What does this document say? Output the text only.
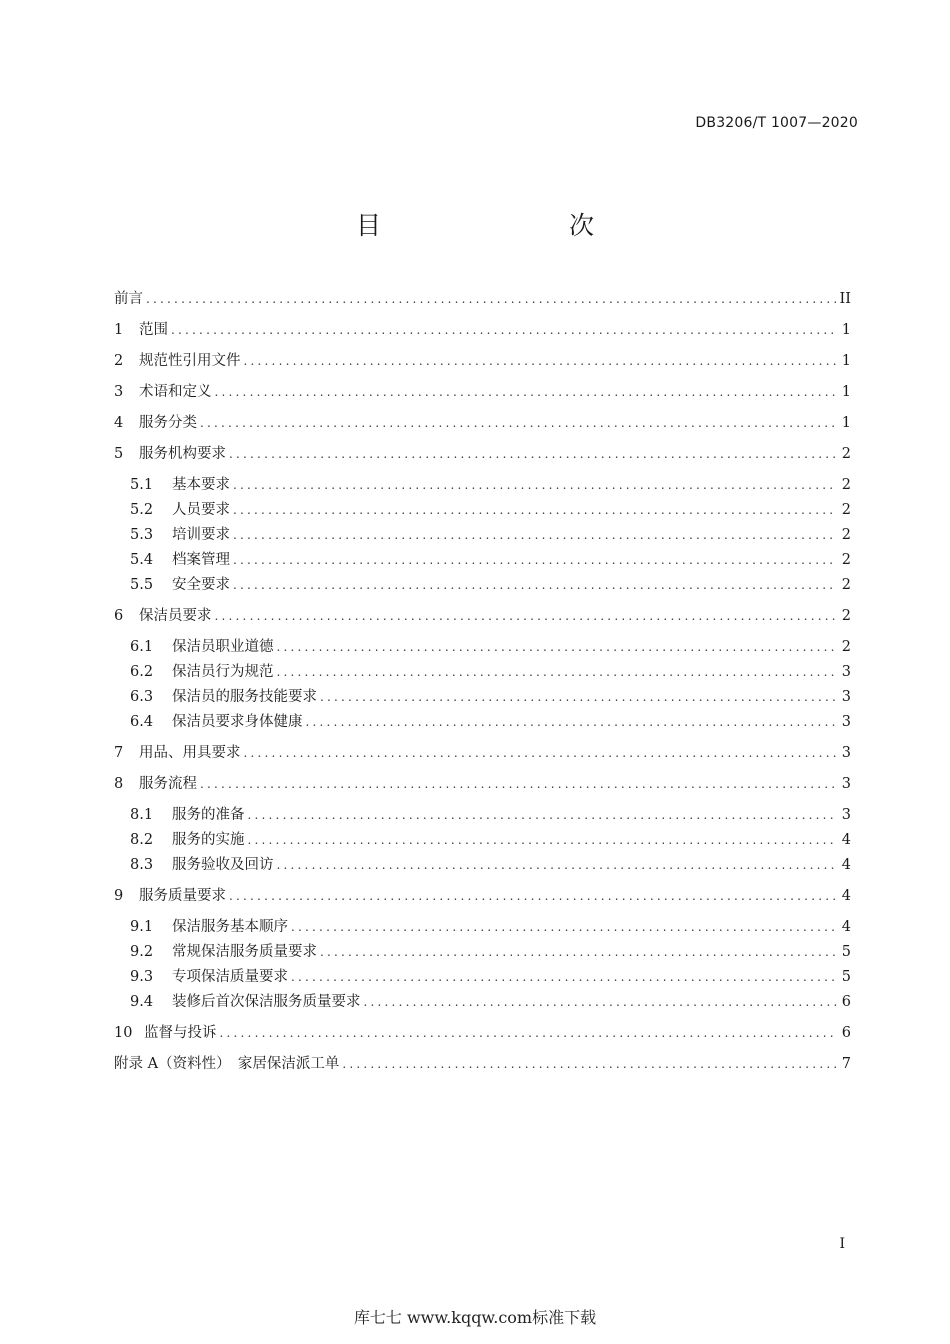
DB3206/T 1007—2020
目　　次
前言 .....	II
1	范围 .....	1
2	规范性引用文件 .....	1
3	术语和定义 .....	1
4	服务分类 .....	1
5	服务机构要求 .....	2
5.1	基本要求 .....	2
5.2	人员要求 .....	2
5.3	培训要求 .....	2
5.4	档案管理 .....	2
5.5	安全要求 .....	2
6	保洁员要求 .....	2
6.1	保洁员职业道德 .....	2
6.2	保洁员行为规范 .....	3
6.3	保洁员的服务技能要求 .....	3
6.4	保洁员要求身体健康 .....	3
7	用品、用具要求 .....	3
8	服务流程 .....	3
8.1	服务的准备 .....	3
8.2	服务的实施 .....	4
8.3	服务验收及回访 .....	4
9	服务质量要求 .....	4
9.1	保洁服务基本顺序 .....	4
9.2	常规保洁服务质量要求 .....	5
9.3	专项保洁质量要求 .....	5
9.4	装修后首次保洁服务质量要求 .....	6
10 监督与投诉 .....	6
附录 A（资料性）　家居保洁派工单 .....	7
I
库七七 www.kqqw.com标准下载
